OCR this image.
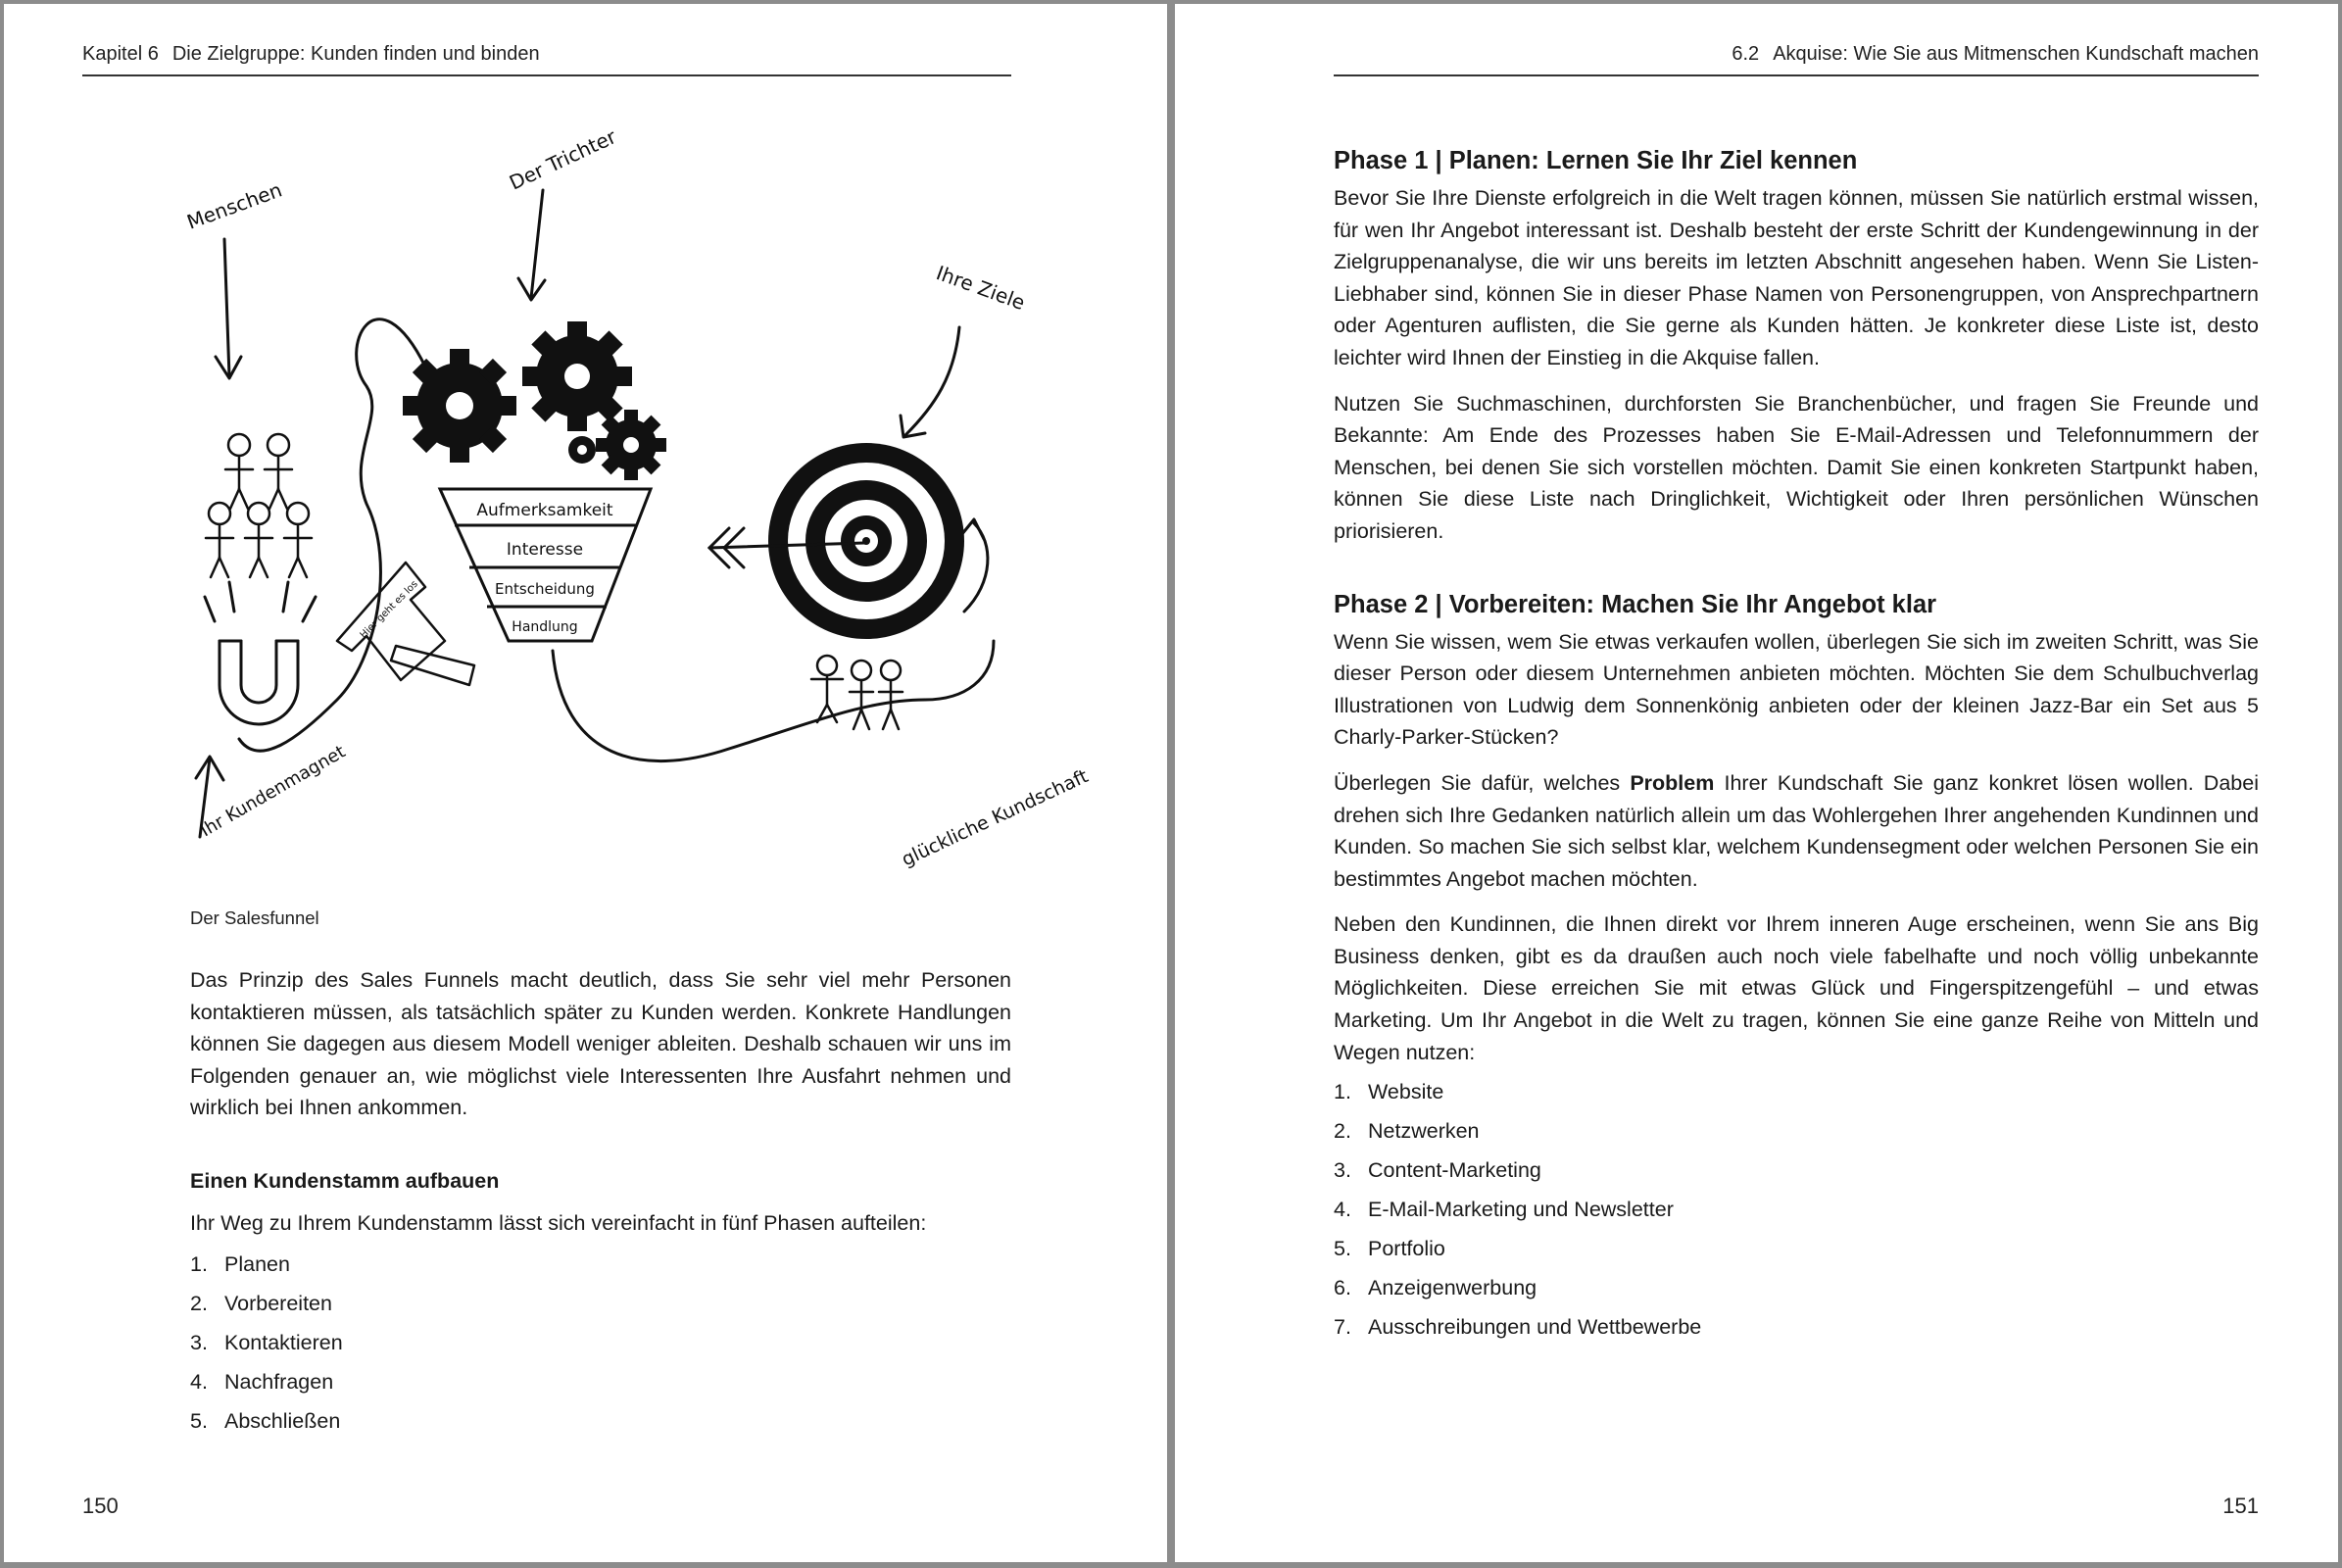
Kapitel 6 Die Zielgruppe: Kunden finden und binden
Aufmerksamkeit
Interesse
Entscheidung
Handlung
Hier geht es los
Der Trichter
Menschen
Ihre Ziele
Ihr Kundenmagnet	glückliche Kundschaft
Der Salesfunnel

Das Prinzip des Sales Funnels macht deutlich, dass Sie sehr viel mehr Personen kontaktieren müssen, als tatsächlich später zu Kunden werden. Konkrete Handlungen können Sie dagegen aus diesem Modell weniger ableiten. Deshalb schauen wir uns im Folgenden genauer an, wie möglichst viele Interessenten Ihre Ausfahrt nehmen und wirklich bei Ihnen ankommen.

Einen Kundenstamm aufbauen

Ihr Weg zu Ihrem Kundenstamm lässt sich vereinfacht in fünf Phasen aufteilen:

1. Planen
2. Vorbereiten
3. Kontaktieren
4. Nachfragen
5. Abschließen
150
6.2 Akquise: Wie Sie aus Mitmenschen Kundschaft machen

Phase 1 | Planen: Lernen Sie Ihr Ziel kennen

Bevor Sie Ihre Dienste erfolgreich in die Welt tragen können, müssen Sie natürlich erstmal wissen, für wen Ihr Angebot interessant ist. Deshalb besteht der erste Schritt der Kundengewinnung in der Zielgruppenanalyse, die wir uns bereits im letzten Abschnitt angesehen haben. Wenn Sie Listen-Liebhaber sind, können Sie in dieser Phase Namen von Personengruppen, von Ansprechpartnern oder Agenturen auflisten, die Sie gerne als Kunden hätten. Je konkreter diese Liste ist, desto leichter wird Ihnen der Einstieg in die Akquise fallen.

Nutzen Sie Suchmaschinen, durchforsten Sie Branchenbücher, und fragen Sie Freunde und Bekannte: Am Ende des Prozesses haben Sie E-Mail-Adressen und Telefonnummern der Menschen, bei denen Sie sich vorstellen möchten. Damit Sie einen konkreten Startpunkt haben, können Sie diese Liste nach Dringlichkeit, Wichtigkeit oder Ihren persönlichen Wünschen priorisieren.

Phase 2 | Vorbereiten: Machen Sie Ihr Angebot klar

Wenn Sie wissen, wem Sie etwas verkaufen wollen, überlegen Sie sich im zweiten Schritt, was Sie dieser Person oder diesem Unternehmen anbieten möchten. Möchten Sie dem Schulbuchverlag Illustrationen von Ludwig dem Sonnenkönig anbieten oder der kleinen Jazz-Bar ein Set aus 5 Charly-Parker-Stücken?

Überlegen Sie dafür, welches Problem Ihrer Kundschaft Sie ganz konkret lösen wollen. Dabei drehen sich Ihre Gedanken natürlich allein um das Wohlergehen Ihrer angehenden Kundinnen und Kunden. So machen Sie sich selbst klar, welchem Kundensegment oder welchen Personen Sie ein bestimmtes Angebot machen möchten.

Neben den Kundinnen, die Ihnen direkt vor Ihrem inneren Auge erscheinen, wenn Sie ans Big Business denken, gibt es da draußen auch noch viele fabelhafte und noch völlig unbekannte Möglichkeiten. Diese erreichen Sie mit etwas Glück und Fingerspitzengefühl – und etwas Marketing. Um Ihr Angebot in die Welt zu tragen, können Sie eine ganze Reihe von Mitteln und Wegen nutzen:

1. Website
2. Netzwerken
3. Content-Marketing
4. E-Mail-Marketing und Newsletter
5. Portfolio
6. Anzeigenwerbung
7. Ausschreibungen und Wettbewerbe
151
